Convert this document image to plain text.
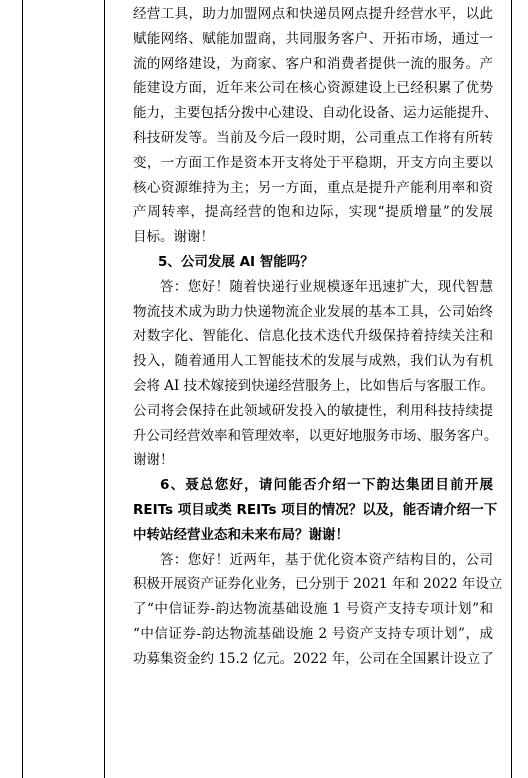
经营工具，助力加盟网点和快递员网点提升经营水平，以此
赋能网络、赋能加盟商，共同服务客户、开拓市场，通过一
流的网络建设，为商家、客户和消费者提供一流的服务。产
能建设方面，近年来公司在核心资源建设上已经积累了优势
能力，主要包括分拨中心建设、自动化设备、运力运能提升、
科技研发等。当前及今后一段时期，公司重点工作将有所转
变，一方面工作是资本开支将处于平稳期，开支方向主要以
核心资源维持为主；另一方面，重点是提升产能利用率和资
产周转率，提高经营的饱和边际，实现“提质增量”的发展
目标。谢谢！
5、公司发展 AI 智能吗？
答：您好！随着快递行业规模逐年迅速扩大，现代智慧
物流技术成为助力快递物流企业发展的基本工具，公司始终
对数字化、智能化、信息化技术迭代升级保持着持续关注和
投入，随着通用人工智能技术的发展与成熟，我们认为有机
会将 AI 技术嫁接到快递经营服务上，比如售后与客服工作。
公司将会保持在此领域研发投入的敏捷性，利用科技持续提
升公司经营效率和管理效率，以更好地服务市场、服务客户。
谢谢！
6、聂总您好，请问能否介绍一下韵达集团目前开展
REITs 项目或类 REITs 项目的情况？以及，能否请介绍一下
中转站经营业态和未来布局？谢谢！
答：您好！近两年，基于优化资本资产结构目的，公司
积极开展资产证券化业务，已分别于 2021 年和 2022 年设立
了“中信证券-韵达物流基础设施 1 号资产支持专项计划”和
“中信证券-韵达物流基础设施 2 号资产支持专项计划”，成
功募集资金约 15.2 亿元。2022 年，公司在全国累计设立了
